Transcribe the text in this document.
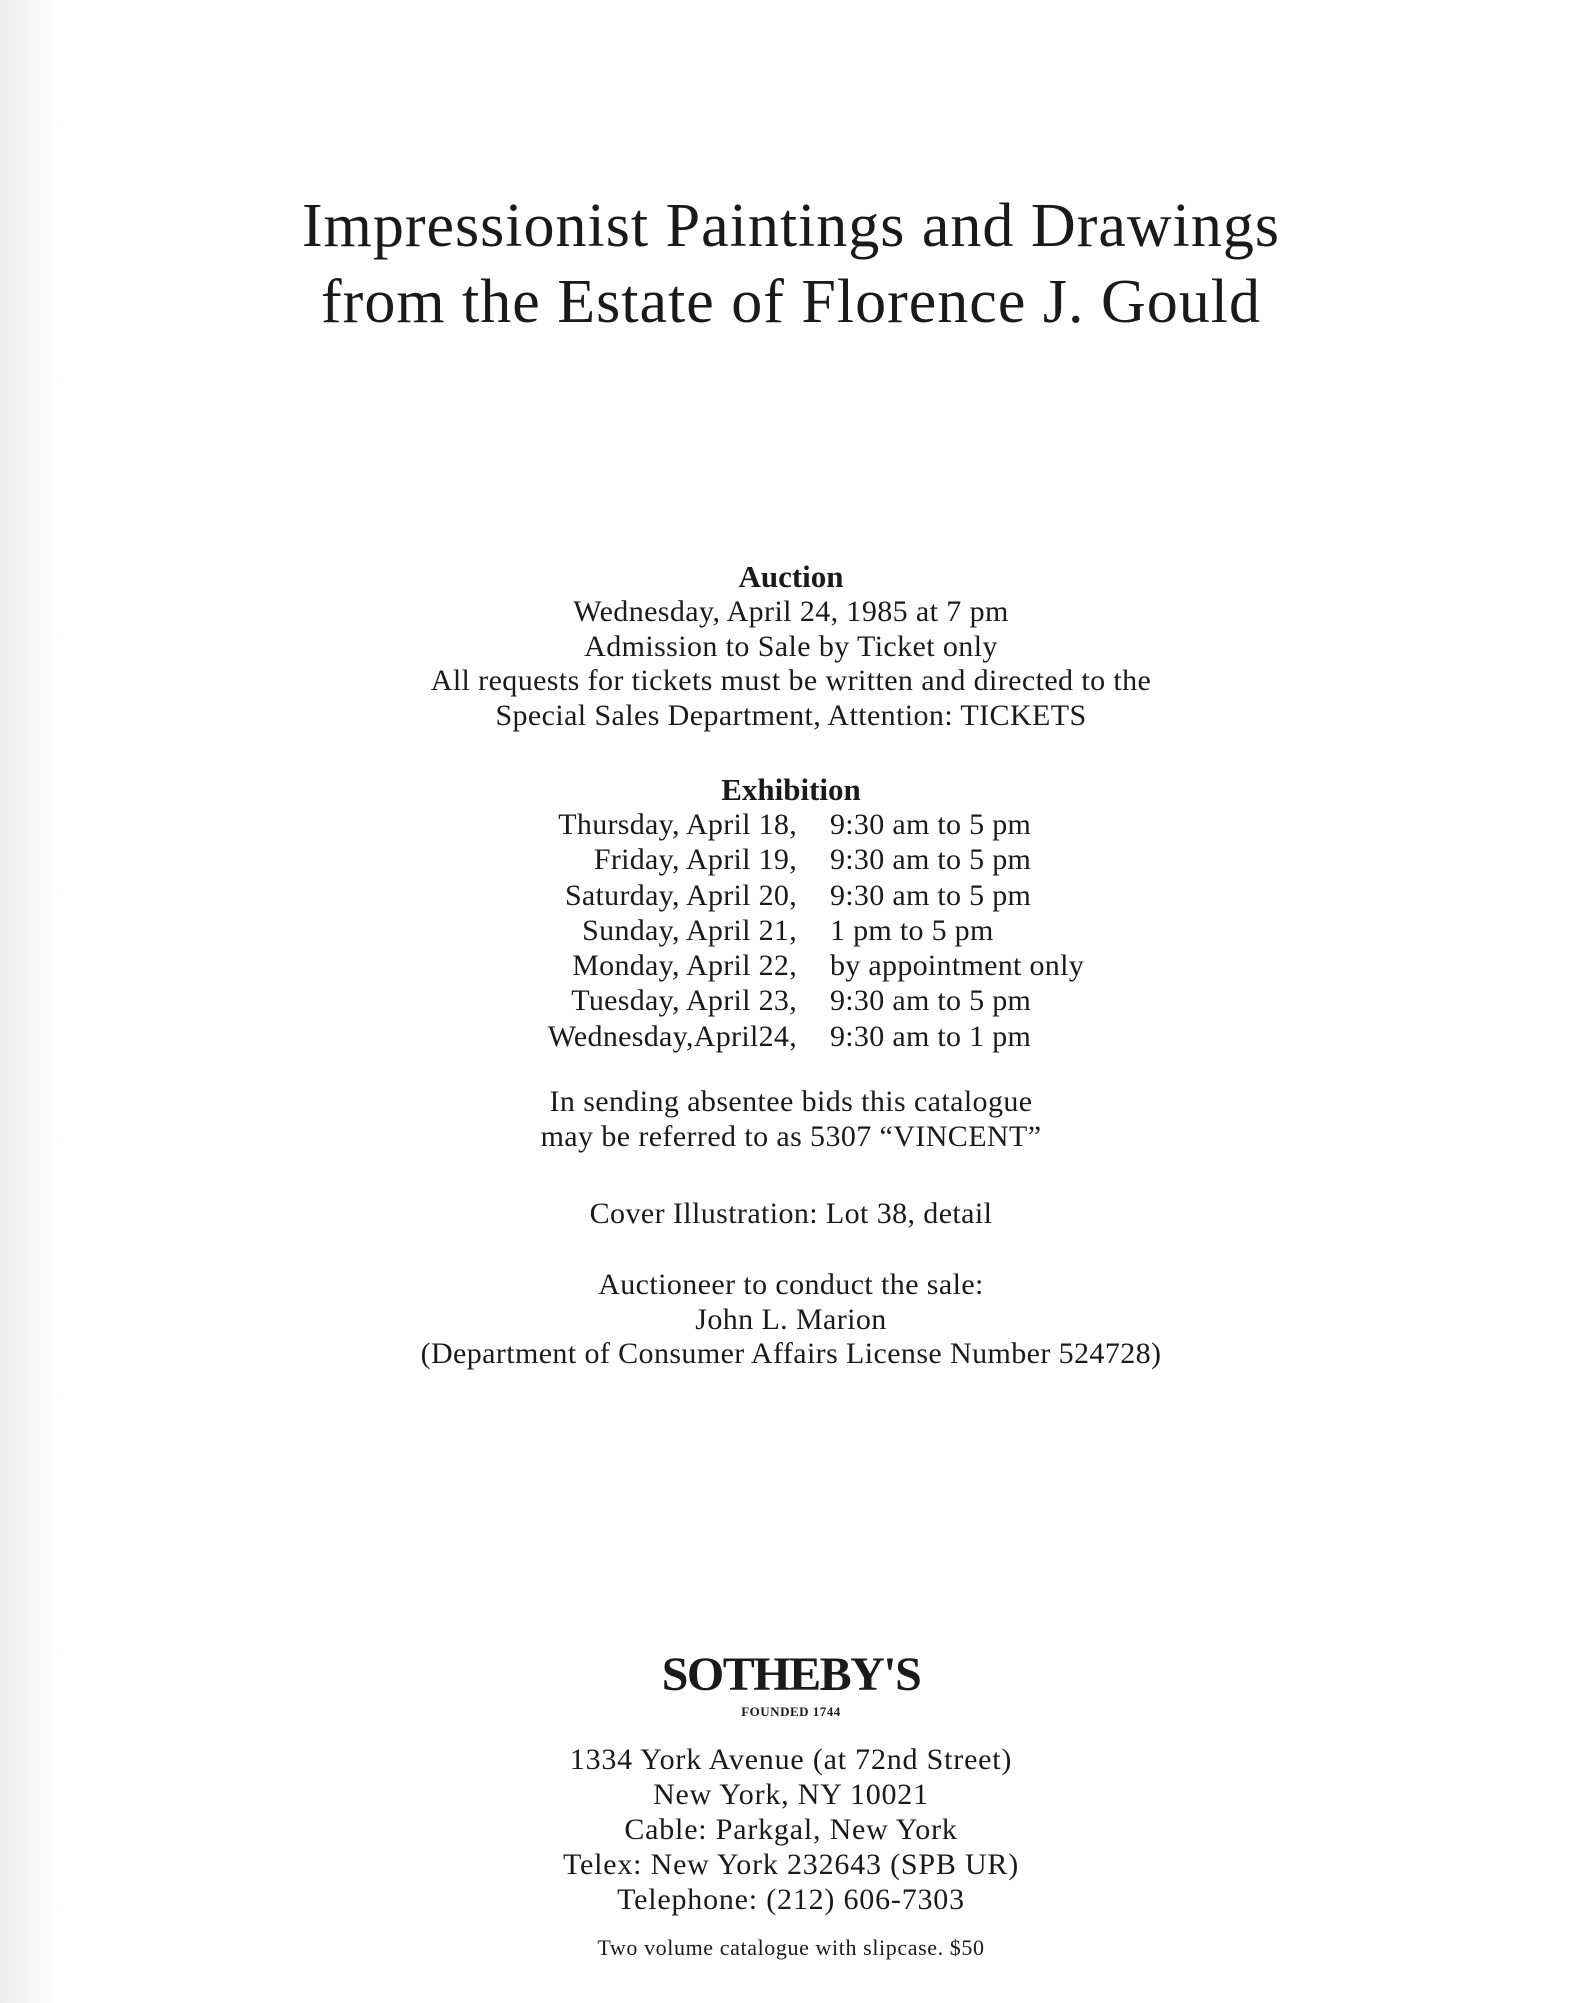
Impressionist Paintings and Drawings
from the Estate of Florence J. Gould
Auction
Wednesday, April 24, 1985 at 7 pm
Admission to Sale by Ticket only
All requests for tickets must be written and directed to the
Special Sales Department, Attention: TICKETS
Exhibition
Thursday, April 18, 9:30 am to 5 pm
Friday, April 19, 9:30 am to 5 pm
Saturday, April 20, 9:30 am to 5 pm
Sunday, April 21, 1 pm to 5 pm
Monday, April 22, by appointment only
Tuesday, April 23, 9:30 am to 5 pm
Wednesday,April24, 9:30 am to 1 pm
In sending absentee bids this catalogue
may be referred to as 5307 “VINCENT”
Cover Illustration: Lot 38, detail
Auctioneer to conduct the sale:
John L. Marion
(Department of Consumer Affairs License Number 524728)
SOTHEBY'S
FOUNDED 1744
1334 York Avenue (at 72nd Street)
New York, NY 10021
Cable: Parkgal, New York
Telex: New York 232643 (SPB UR)
Telephone: (212) 606-7303
Two volume catalogue with slipcase. $50
